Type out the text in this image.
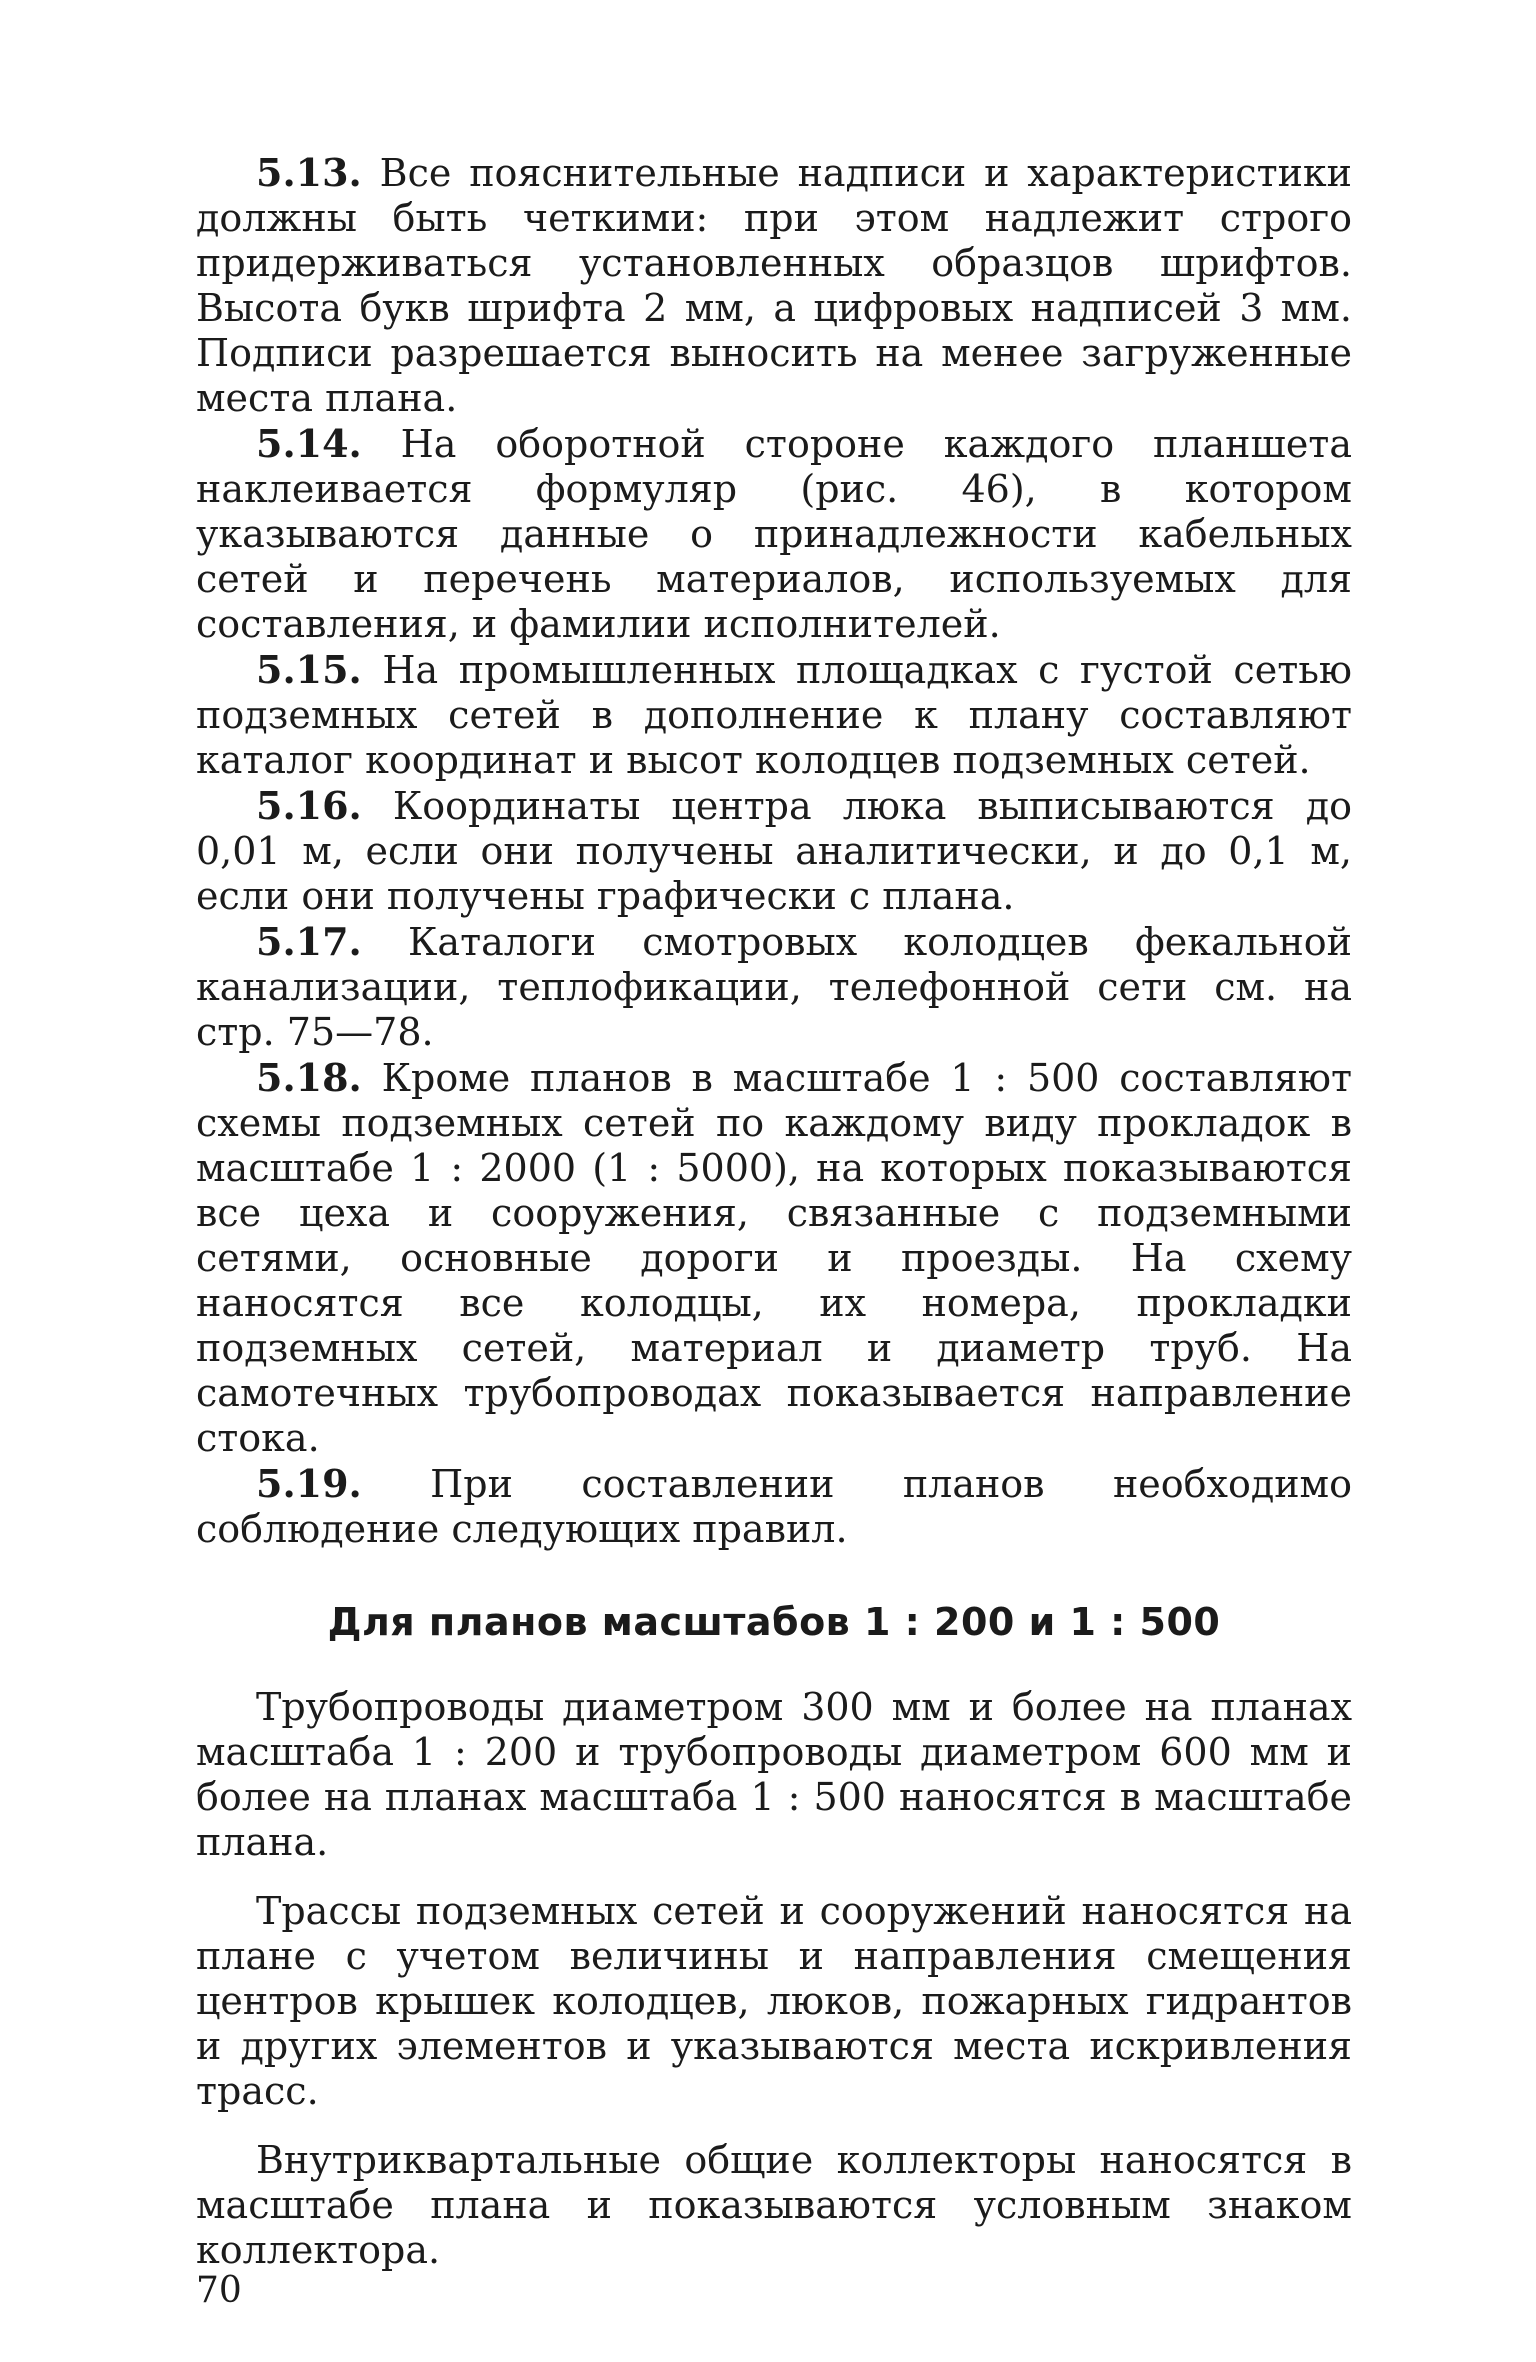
5.13. Все пояснительные надписи и характеристики должны быть четкими: при этом надлежит строго придерживаться установленных образцов шрифтов. Высота букв шрифта 2 мм, а цифровых надписей 3 мм. Подписи разрешается выносить на менее загруженные места плана.

5.14. На оборотной стороне каждого планшета наклеивается формуляр (рис. 46), в котором указываются данные о принадлежности кабельных сетей и перечень материалов, используемых для составления, и фамилии исполнителей.

5.15. На промышленных площадках с густой сетью подземных сетей в дополнение к плану составляют каталог координат и высот колодцев подземных сетей.

5.16. Координаты центра люка выписываются до 0,01 м, если они получены аналитически, и до 0,1 м, если они получены графически с плана.

5.17. Каталоги смотровых колодцев фекальной канализации, теплофикации, телефонной сети см. на стр. 75—78.

5.18. Кроме планов в масштабе 1 : 500 составляют схемы подземных сетей по каждому виду прокладок в масштабе 1 : 2000 (1 : 5000), на которых показываются все цеха и сооружения, связанные с подземными сетями, основные дороги и проезды. На схему наносятся все колодцы, их номера, прокладки подземных сетей, материал и диаметр труб. На самотечных трубопроводах показывается направление стока.

5.19. При составлении планов необходимо соблюдение следующих правил.

Для планов масштабов 1 : 200 и 1 : 500

Трубопроводы диаметром 300 мм и более на планах масштаба 1 : 200 и трубопроводы диаметром 600 мм и более на планах масштаба 1 : 500 наносятся в масштабе плана.

Трассы подземных сетей и сооружений наносятся на плане с учетом величины и направления смещения центров крышек колодцев, люков, пожарных гидрантов и других элементов и указываются места искривления трасс.

Внутриквартальные общие коллекторы наносятся в масштабе плана и показываются условным знаком коллектора.

70
